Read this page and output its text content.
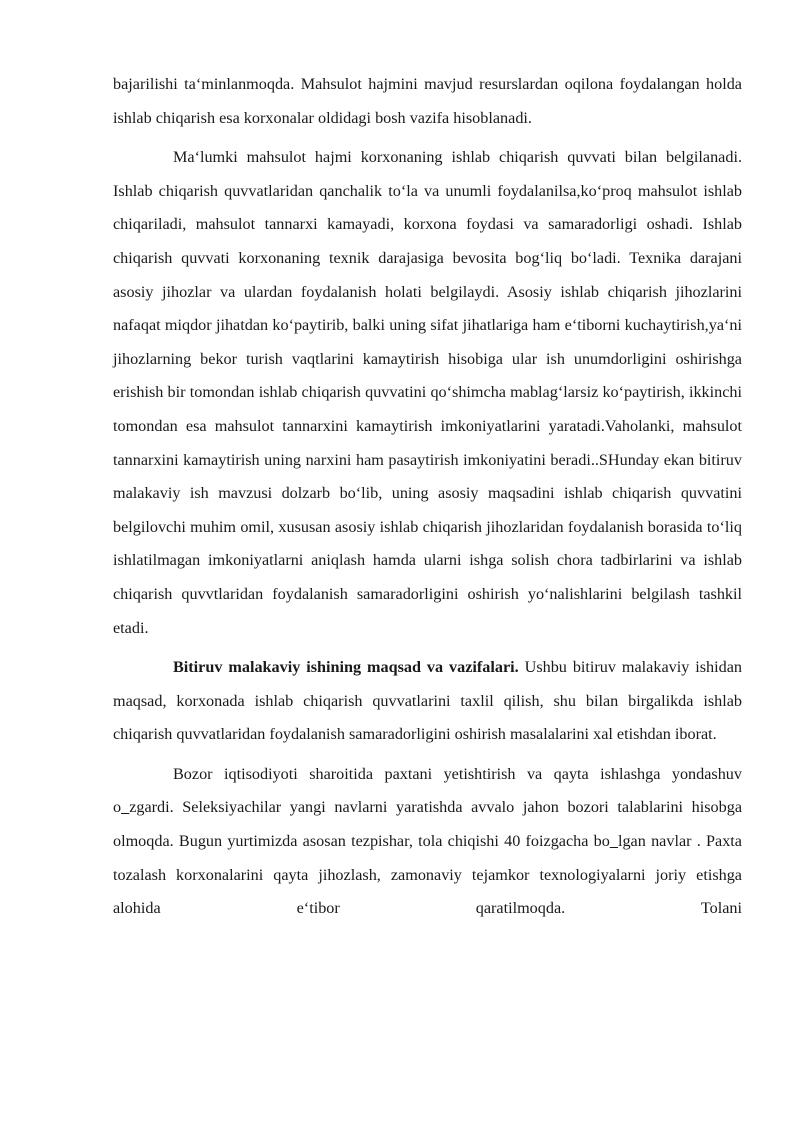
bajarilishi ta‘minlanmoqda. Mahsulot hajmini mavjud resurslardan oqilona foydalangan holda ishlab chiqarish esa korxonalar oldidagi bosh vazifa hisoblanadi.

Ma‘lumki mahsulot hajmi korxonaning ishlab chiqarish quvvati bilan belgilanadi. Ishlab chiqarish quvvatlaridan qanchalik to‘la va unumli foydalanilsa,ko‘proq mahsulot ishlab chiqariladi, mahsulot tannarxi kamayadi, korxona foydasi va samaradorligi oshadi. Ishlab chiqarish quvvati korxonaning texnik darajasiga bevosita bog‘liq bo‘ladi. Texnika darajani asosiy jihozlar va ulardan foydalanish holati belgilaydi. Asosiy ishlab chiqarish jihozlarini nafaqat miqdor jihatdan ko‘paytirib, balki uning sifat jihatlariga ham e‘tiborni kuchaytirish,ya‘ni jihozlarning bekor turish vaqtlarini kamaytirish hisobiga ular ish unumdorligini oshirishga erishish bir tomondan ishlab chiqarish quvvatini qo‘shimcha mablag‘larsiz ko‘paytirish, ikkinchi tomondan esa mahsulot tannarxini kamaytirish imkoniyatlarini yaratadi.Vaholanki, mahsulot tannarxini kamaytirish uning narxini ham pasaytirish imkoniyatini beradi..SHunday ekan bitiruv malakaviy ish mavzusi dolzarb bo‘lib, uning asosiy maqsadini ishlab chiqarish quvvatini belgilovchi muhim omil, xususan asosiy ishlab chiqarish jihozlaridan foydalanish borasida to‘liq ishlatilmagan imkoniyatlarni aniqlash hamda ularni ishga solish chora tadbirlarini va ishlab chiqarish quvvtlaridan foydalanish samaradorligini oshirish yo‘nalishlarini belgilash tashkil etadi.

Bitiruv malakaviy ishining maqsad va vazifalari. Ushbu bitiruv malakaviy ishidan maqsad, korxonada ishlab chiqarish quvvatlarini taxlil qilish, shu bilan birgalikda ishlab chiqarish quvvatlaridan foydalanish samaradorligini oshirish masalalarini xal etishdan iborat.

Bozor iqtisodiyoti sharoitida paxtani yetishtirish va qayta ishlashga yondashuv o_zgardi. Seleksiyachilar yangi navlarni yaratishda avvalo jahon bozori talablarini hisobga olmoqda. Bugun yurtimizda asosan tezpishar, tola chiqishi 40 foizgacha bo_lgan navlar . Paxta tozalash korxonalarini qayta jihozlash, zamonaviy tejamkor texnologiyalarni joriy etishga alohida e‘tibor qaratilmoqda. Tolani
